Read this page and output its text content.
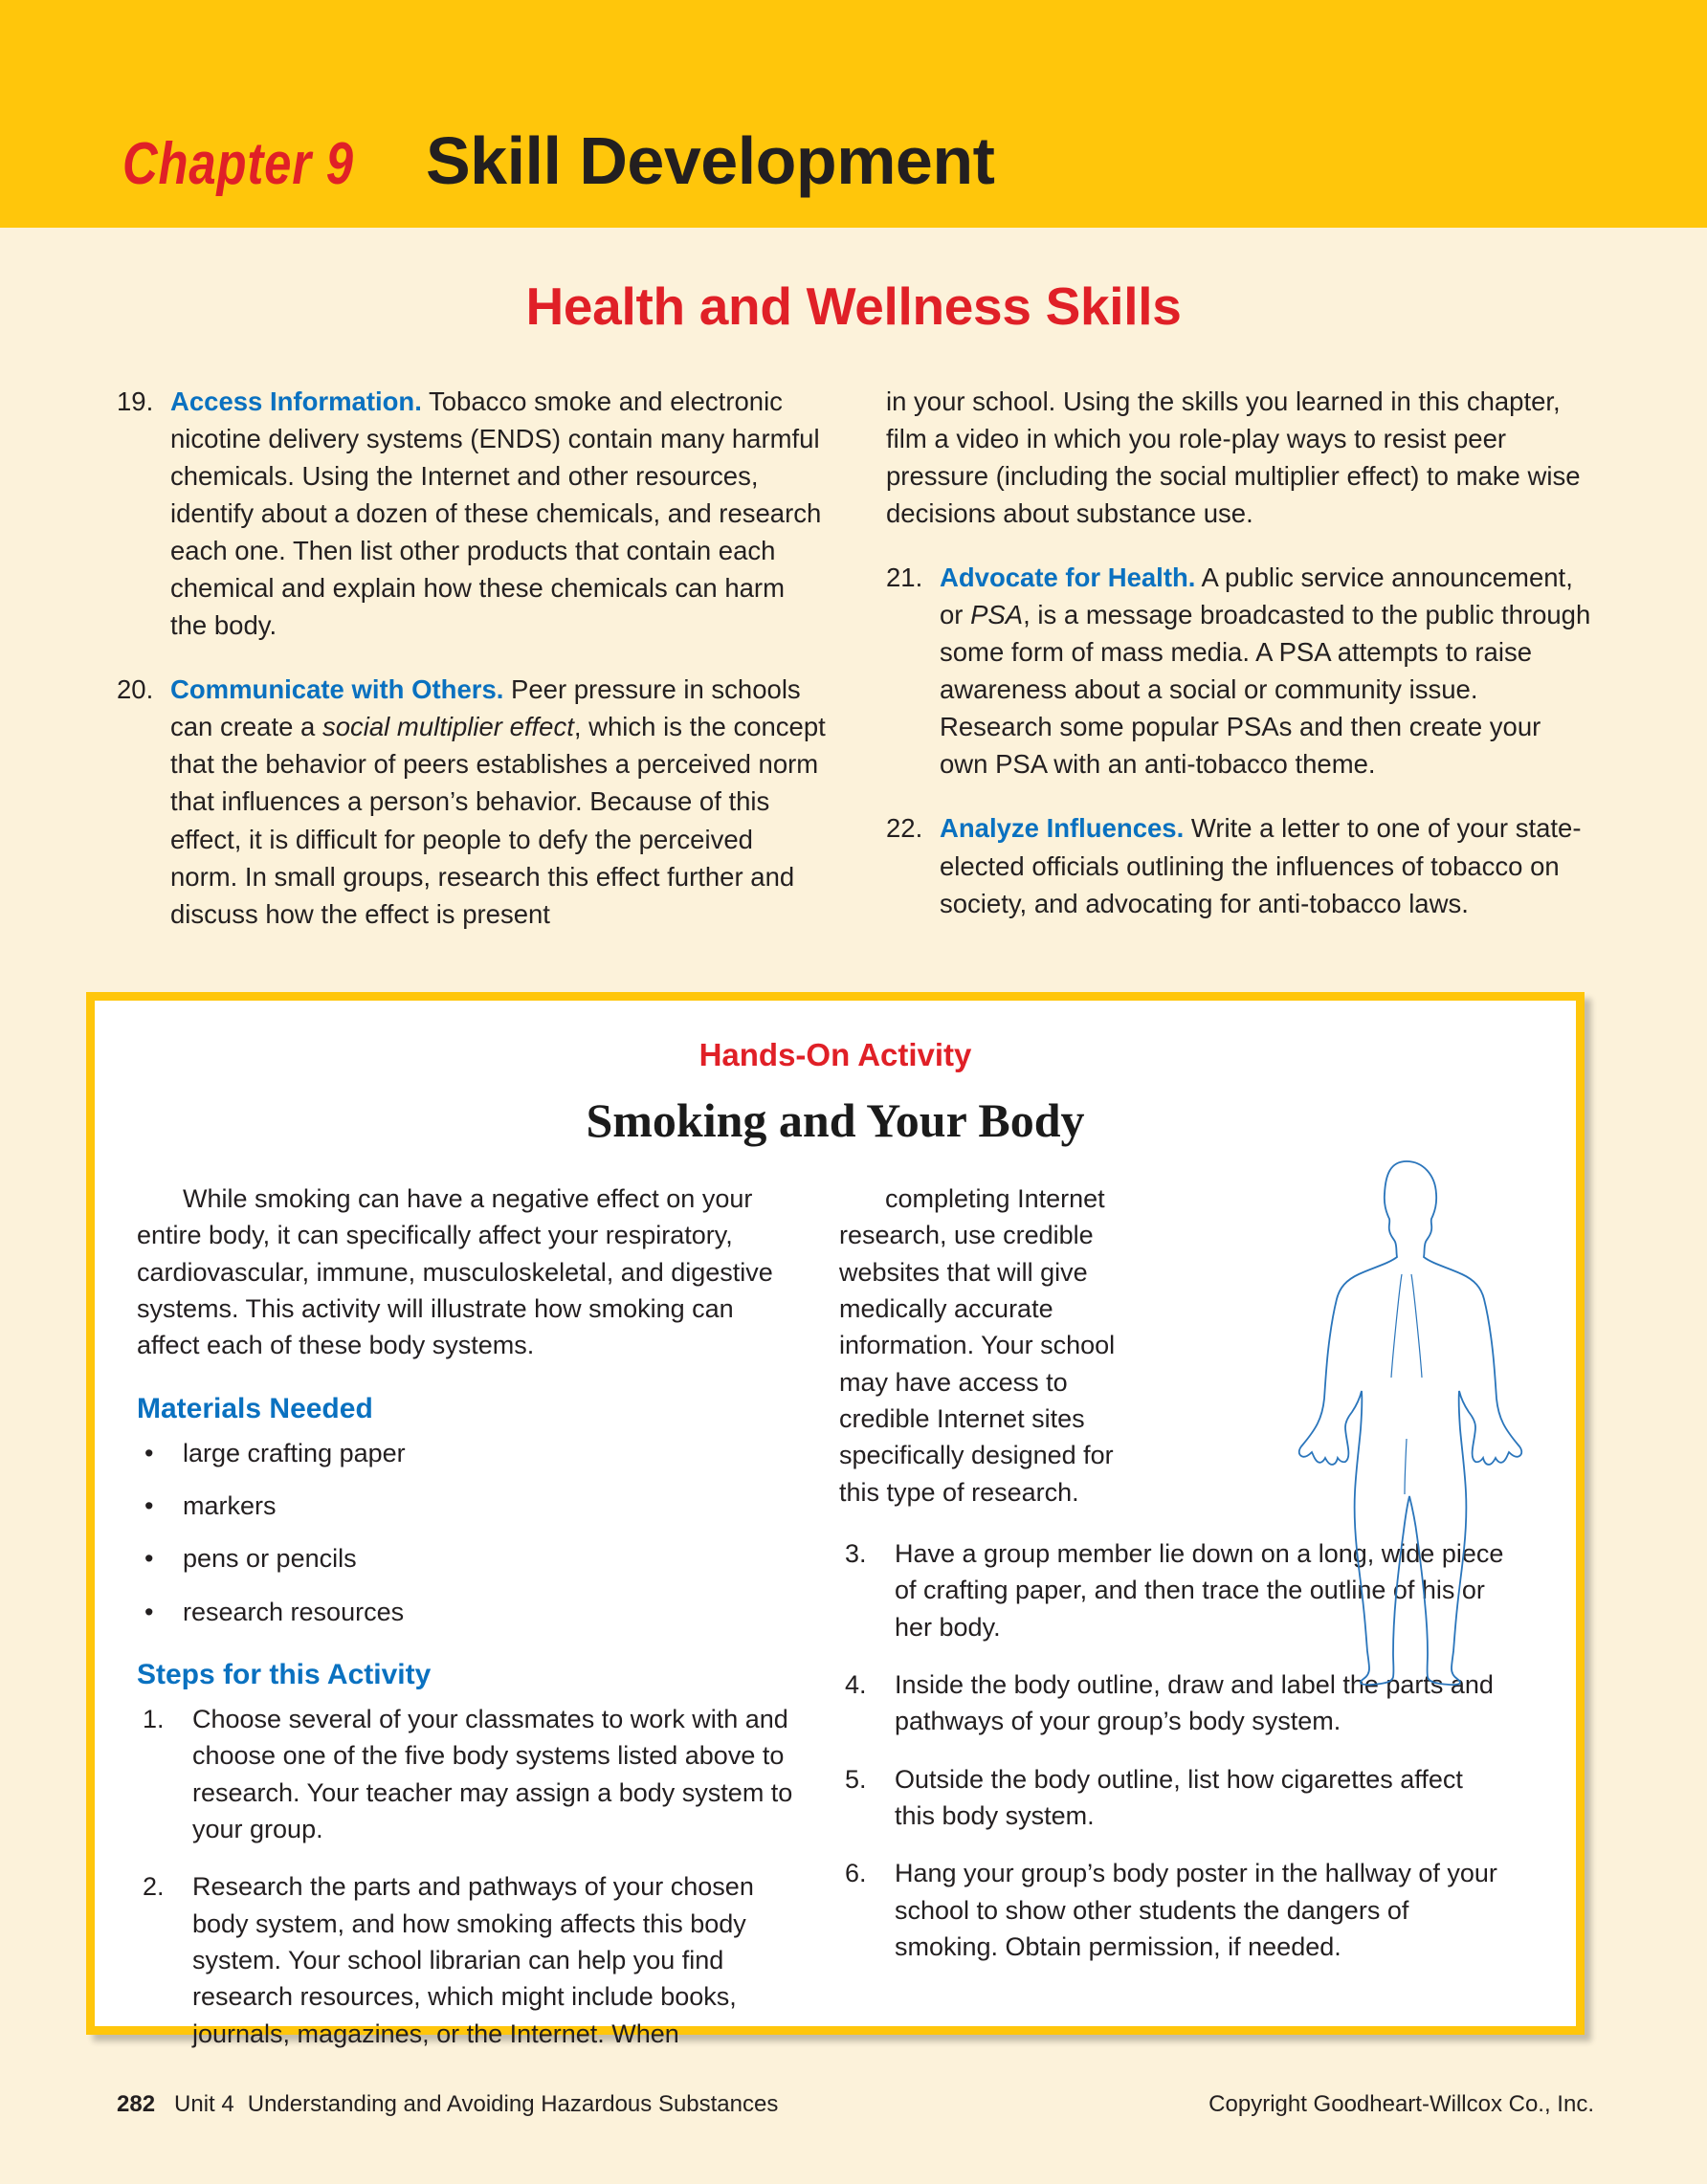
Chapter 9 Skill Development
Health and Wellness Skills
19. Access Information. Tobacco smoke and electronic nicotine delivery systems (ENDS) contain many harmful chemicals. Using the Internet and other resources, identify about a dozen of these chemicals, and research each one. Then list other products that contain each chemical and explain how these chemicals can harm the body.
20. Communicate with Others. Peer pressure in schools can create a social multiplier effect, which is the concept that the behavior of peers establishes a perceived norm that influences a person’s behavior. Because of this effect, it is difficult for people to defy the perceived norm. In small groups, research this effect further and discuss how the effect is present
in your school. Using the skills you learned in this chapter, film a video in which you role-play ways to resist peer pressure (including the social multiplier effect) to make wise decisions about substance use.
21. Advocate for Health. A public service announcement, or PSA, is a message broadcasted to the public through some form of mass media. A PSA attempts to raise awareness about a social or community issue. Research some popular PSAs and then create your own PSA with an anti-tobacco theme.
22. Analyze Influences. Write a letter to one of your state-elected officials outlining the influences of tobacco on society, and advocating for anti-tobacco laws.
Hands-On Activity
Smoking and Your Body

While smoking can have a negative effect on your entire body, it can specifically affect your respiratory, cardiovascular, immune, musculoskeletal, and digestive systems. This activity will illustrate how smoking can affect each of these body systems.

Materials Needed
•	large crafting paper
•	markers
•	pens or pencils
•	research resources
Steps for this Activity
1.	Choose several of your classmates to work with and choose one of the five body systems listed above to research. Your teacher may assign a body system to your group.
2.	Research the parts and pathways of your chosen body system, and how smoking affects this body system. Your school librarian can help you find research resources, which might include books, journals, magazines, or the Internet. When

completing Internet research, use credible websites that will give medically accurate information. Your school may have access to credible Internet sites specifically designed for this type of research.

3.	Have a group member lie down on a long, wide piece of crafting paper, and then trace the outline of his or her body.
4.	Inside the body outline, draw and label the parts and pathways of your group’s body system.
5.	Outside the body outline, list how cigarettes affect this body system.
6.	Hang your group’s body poster in the hallway of your school to show other students the dangers of smoking. Obtain permission, if needed.
282 Unit 4 Understanding and Avoiding Hazardous Substances	Copyright Goodheart-Willcox Co., Inc.
